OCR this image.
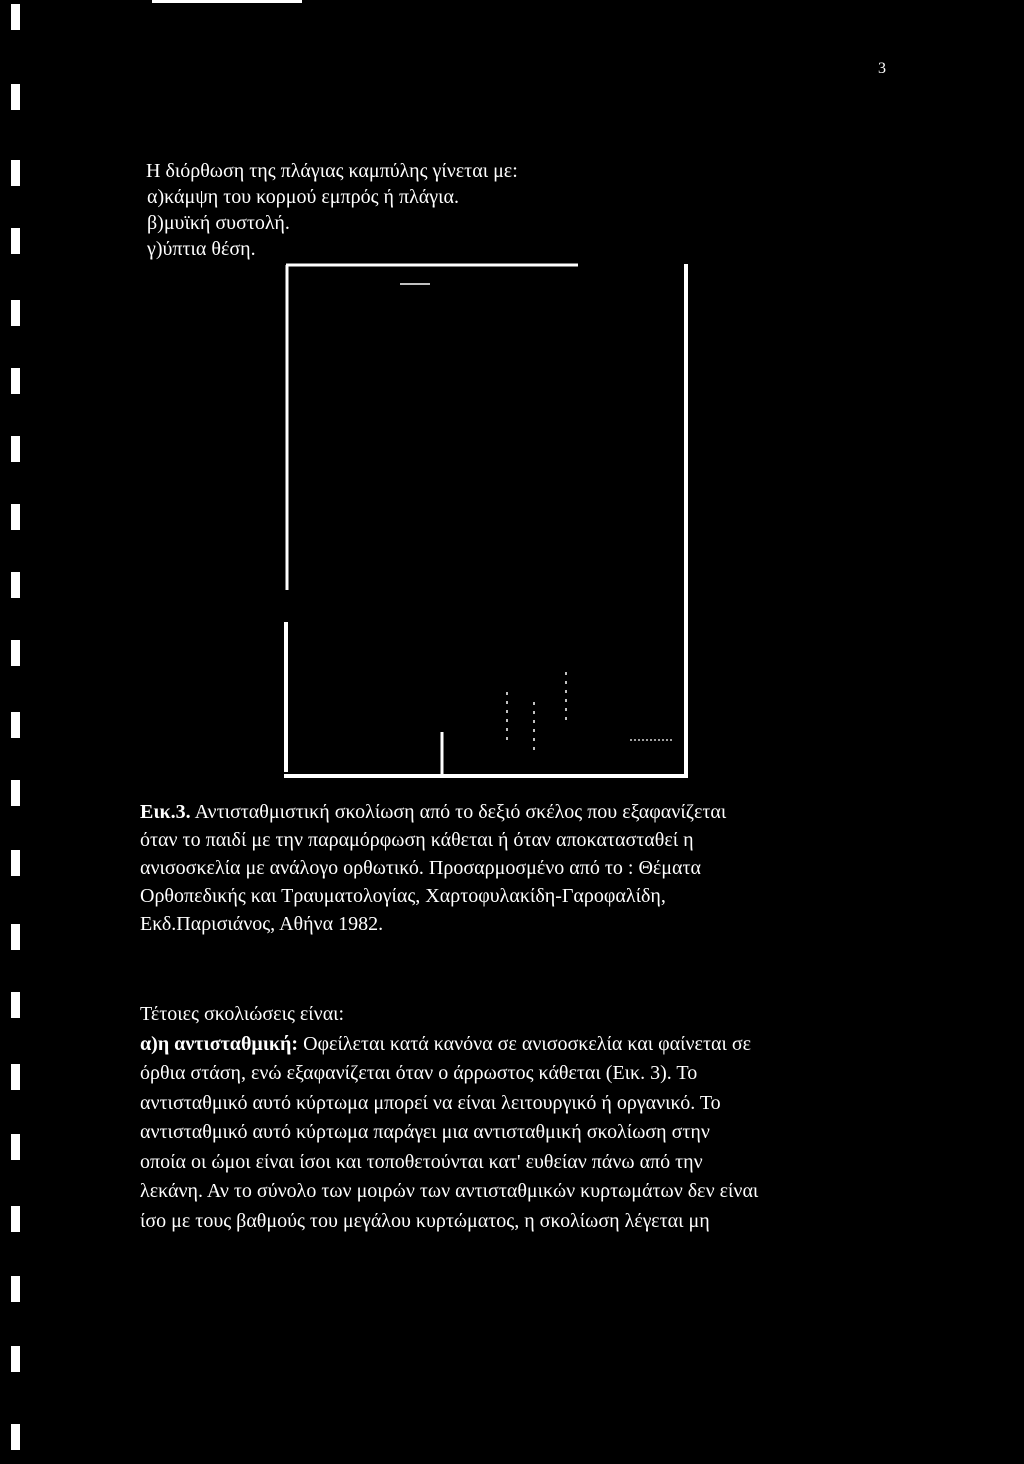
3
Η διόρθωση της πλάγιας καμπύλης γίνεται με:
α)κάμψη του κορμού εμπρός ή πλάγια.
β)μυϊκή συστολή.
γ)ύπτια θέση.
Εικ.3. Αντισταθμιστική σκολίωση από το δεξιό σκέλος που εξαφανίζεται
όταν το παιδί με την παραμόρφωση κάθεται ή όταν αποκατασταθεί η
ανισοσκελία με ανάλογο ορθωτικό. Προσαρμοσμένο από το : Θέματα
Ορθοπεδικής και Τραυματολογίας, Χαρτοφυλακίδη-Γαροφαλίδη,
Εκδ.Παρισιάνος, Αθήνα 1982.
Τέτοιες σκολιώσεις είναι:
α)η αντισταθμική: Οφείλεται κατά κανόνα σε ανισοσκελία και φαίνεται σε
όρθια στάση, ενώ εξαφανίζεται όταν ο άρρωστος κάθεται (Εικ. 3). Το
αντισταθμικό αυτό κύρτωμα μπορεί να είναι λειτουργικό ή οργανικό. Το
αντισταθμικό αυτό κύρτωμα παράγει μια αντισταθμική σκολίωση στην
οποία οι ώμοι είναι ίσοι και τοποθετούνται κατ' ευθείαν πάνω από την
λεκάνη. Αν το σύνολο των μοιρών των αντισταθμικών κυρτωμάτων δεν είναι
ίσο με τους βαθμούς του μεγάλου κυρτώματος, η σκολίωση λέγεται μη
